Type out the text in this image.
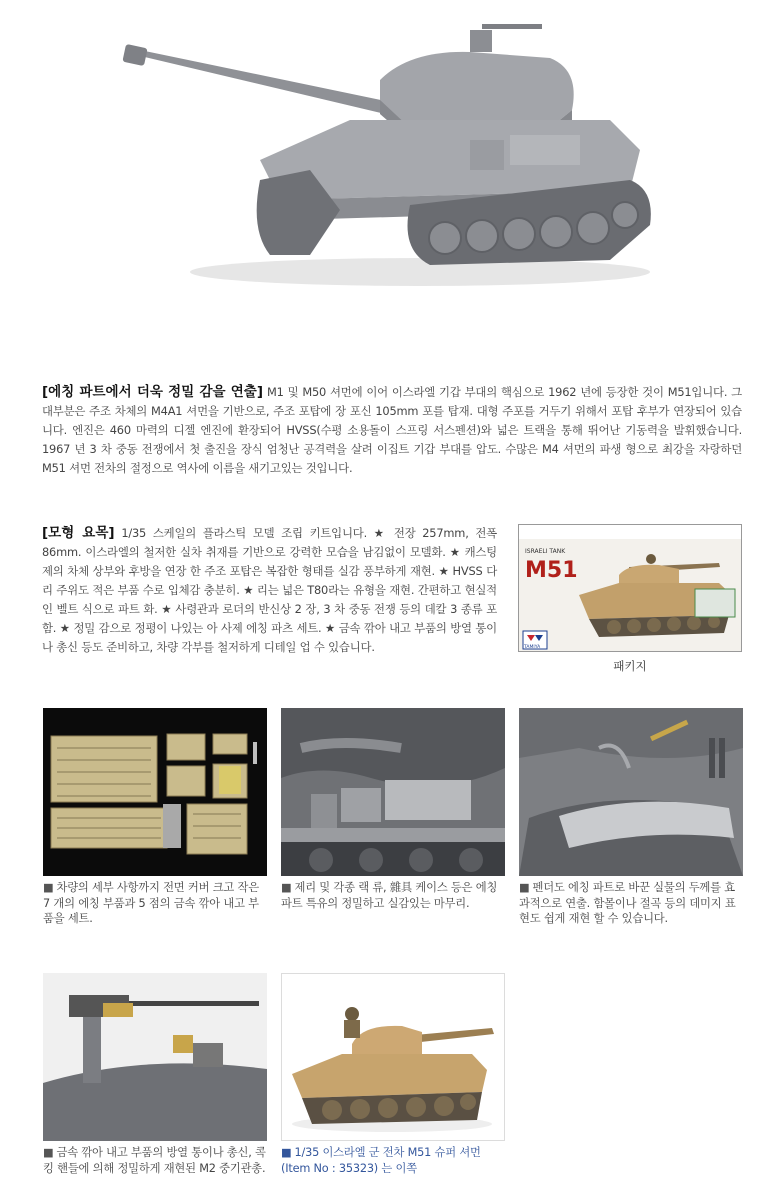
[에칭 파트에서 더욱 정밀 감을 연출] M1 및 M50 셔먼에 이어 이스라엘 기갑 부대의 핵심으로 1962 년에 등장한 것이 M51입니다. 그 대부분은 주조 차체의 M4A1 셔먼을 기반으로, 주조 포탑에 장 포신 105mm 포를 탑재. 대형 주포를 거두기 위해서 포탑 후부가 연장되어 있습니다. 엔진은 460 마력의 디젤 엔진에 환장되어 HVSS(수평 소용돌이 스프링 서스펜션)와 넓은 트랙을 통해 뛰어난 기동력을 발휘했습니다. 1967 년 3 차 중동 전쟁에서 첫 출진을 장식 엄청난 공격력을 살려 이집트 기갑 부대를 압도. 수많은 M4 셔먼의 파생 형으로 최강을 자랑하던 M51 셔먼 전차의 절정으로 역사에 이름을 새기고있는 것입니다.

[모형 요목] 1/35 스케일의 플라스틱 모델 조립 키트입니다. ★ 전장 257mm, 전폭 86mm. 이스라엘의 철저한 실차 취재를 기반으로 강력한 모습을 남김없이 모델화. ★ 캐스팅 제의 차체 상부와 후방을 연장 한 주조 포탑은 복잡한 형태를 실감 풍부하게 재현. ★ HVSS 다리 주위도 적은 부품 수로 입체감 충분히. ★ 리는 넓은 T80라는 유형을 재현. 간편하고 현실적인 벨트 식으로 파트 화. ★ 사령관과 로더의 반신상 2 장, 3 차 중동 전쟁 등의 데칼 3 종류 포함. ★ 정밀 감으로 정평이 나있는 아 사제 에칭 파츠 세트. ★ 금속 깎아 내고 부품의 방열 통이나 총신 등도 준비하고, 차량 각부를 철저하게 디테일 업 수 있습니다.

ISRAELI TANK
M51
TAMIYA
패키지
■ 차량의 세부 사항까지 전면 커버 크고 작은 7 개의 에칭 부품과 5 점의 금속 깎아 내고 부품을 세트.
■ 제리 및 각종 랙 류, 雜具 케이스 등은 에칭 파트 특유의 정밀하고 실감있는 마무리.
■ 펜더도 에칭 파트로 바꾼 실물의 두께를 효과적으로 연출. 함몰이나 절곡 등의 데미지 표현도 쉽게 재현 할 수 있습니다.
■ 금속 깎아 내고 부품의 방열 통이나 총신, 콕킹 핸들에 의해 정밀하게 재현된 M2 중기관총.
■ 1/35 이스라엘 군 전차 M51 슈퍼 셔먼 (Item No : 35323) 는 이쪽
